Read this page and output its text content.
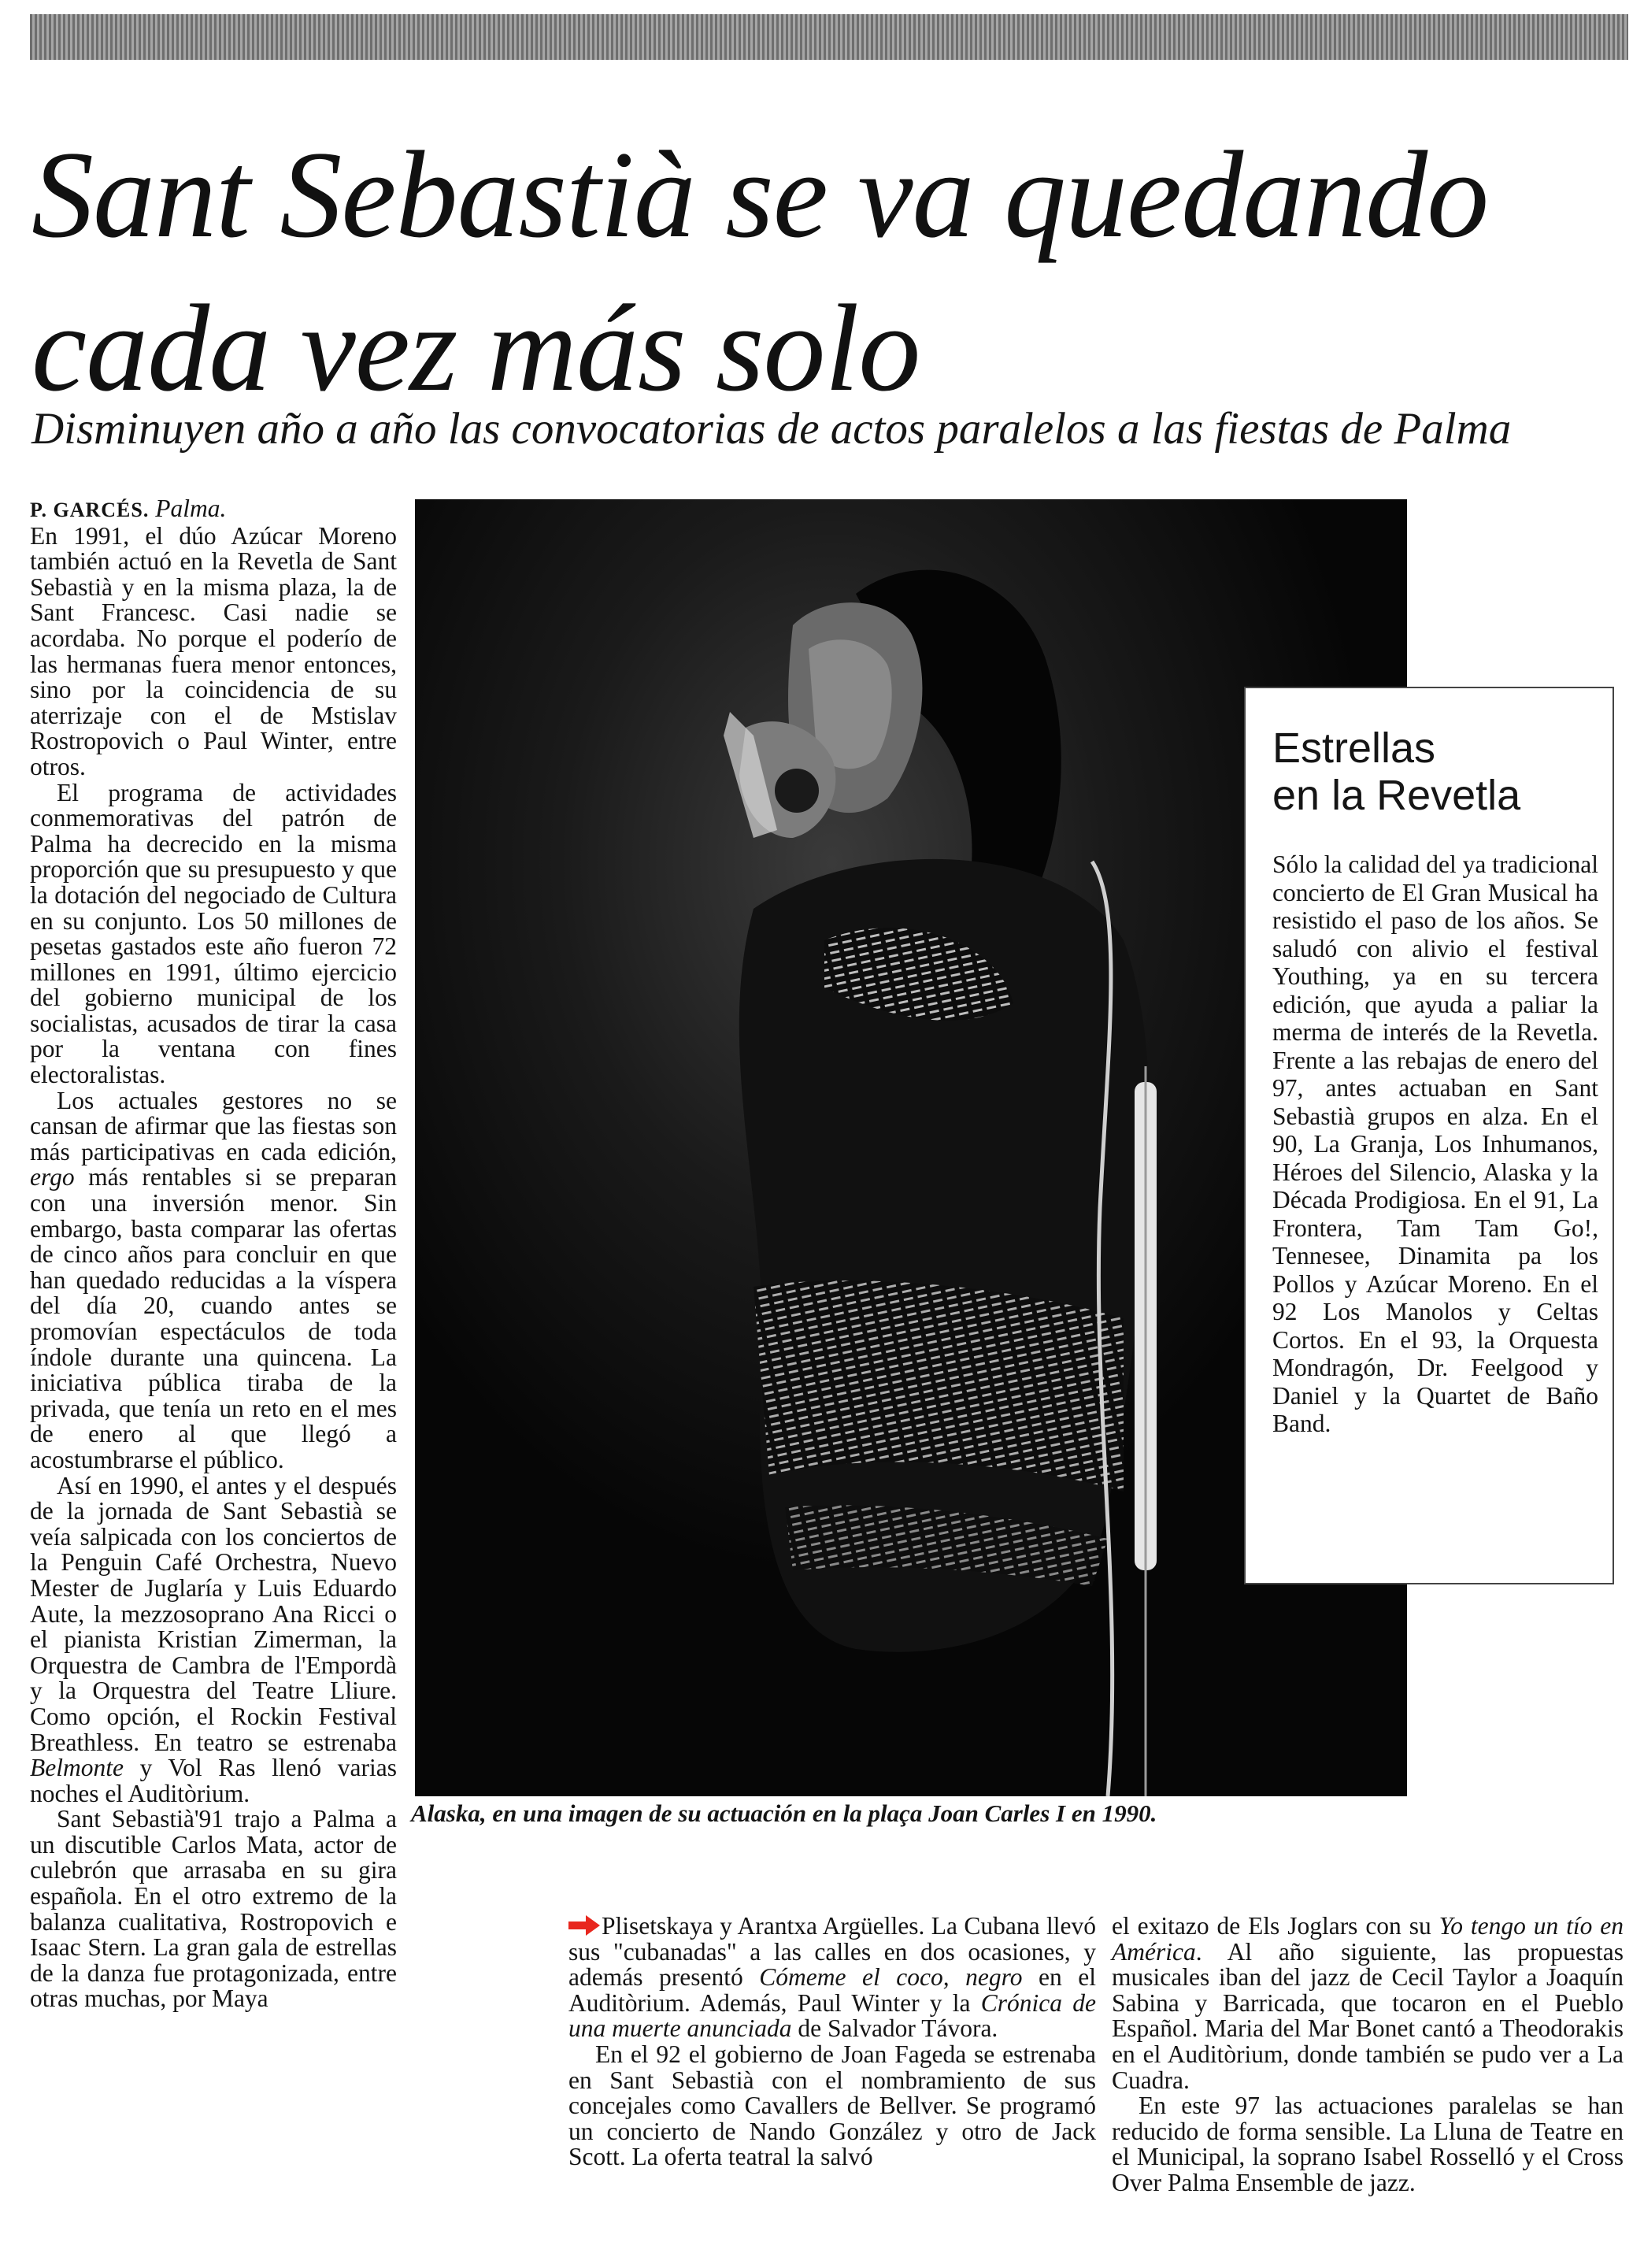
Sant Sebastià se va quedando cada vez más solo
Disminuyen año a año las convocatorias de actos paralelos a las fiestas de Palma
P. GARCÉS. Palma.

En 1991, el dúo Azúcar Moreno también actuó en la Revetla de Sant Sebastià y en la misma plaza, la de Sant Francesc. Casi nadie se acordaba. No porque el poderío de las hermanas fuera menor entonces, sino por la coincidencia de su aterrizaje con el de Mstislav Rostropovich o Paul Winter, entre otros.

El programa de actividades conmemorativas del patrón de Palma ha decrecido en la misma proporción que su presupuesto y que la dotación del negociado de Cultura en su conjunto. Los 50 millones de pesetas gastados este año fueron 72 millones en 1991, último ejercicio del gobierno municipal de los socialistas, acusados de tirar la casa por la ventana con fines electoralistas.

Los actuales gestores no se cansan de afirmar que las fiestas son más participativas en cada edición, ergo más rentables si se preparan con una inversión menor. Sin embargo, basta comparar las ofertas de cinco años para concluir en que han quedado reducidas a la víspera del día 20, cuando antes se promovían espectáculos de toda índole durante una quincena. La iniciativa pública tiraba de la privada, que tenía un reto en el mes de enero al que llegó a acostumbrarse el público.

Así en 1990, el antes y el después de la jornada de Sant Sebastià se veía salpicada con los conciertos de la Penguin Café Orchestra, Nuevo Mester de Juglaría y Luis Eduardo Aute, la mezzosoprano Ana Ricci o el pianista Kristian Zimerman, la Orquestra de Cambra de l'Empordà y la Orquestra del Teatre Lliure. Como opción, el Rockin Festival Breathless. En teatro se estrenaba Belmonte y Vol Ras llenó varias noches el Auditòrium.

Sant Sebastià'91 trajo a Palma a un discutible Carlos Mata, actor de culebrón que arrasaba en su gira española. En el otro extremo de la balanza cualitativa, Rostropovich e Isaac Stern. La gran gala de estrellas de la danza fue protagonizada, entre otras muchas, por Maya

Alaska, en una imagen de su actuación en la plaça Joan Carles I en 1990.
Estrellas
en la Revetla
Sólo la calidad del ya tradicional concierto de El Gran Musical ha resistido el paso de los años. Se saludó con alivio el festival Youthing, ya en su tercera edición, que ayuda a paliar la merma de interés de la Revetla. Frente a las rebajas de enero del 97, antes actuaban en Sant Sebastià grupos en alza. En el 90, La Granja, Los Inhumanos, Héroes del Silencio, Alaska y la Década Prodigiosa. En el 91, La Frontera, Tam Tam Go!, Tennesee, Dinamita pa los Pollos y Azúcar Moreno. En el 92 Los Manolos y Celtas Cortos. En el 93, la Orquesta Mondragón, Dr. Feelgood y Daniel y la Quartet de Baño Band.

Plisetskaya y Arantxa Argüelles. La Cubana llevó sus "cubanadas" a las calles en dos ocasiones, y además presentó Cómeme el coco, negro en el Auditòrium. Además, Paul Winter y la Crónica de una muerte anunciada de Salvador Távora.

En el 92 el gobierno de Joan Fageda se estrenaba en Sant Sebastià con el nombramiento de sus concejales como Cavallers de Bellver. Se programó un concierto de Nando González y otro de Jack Scott. La oferta teatral la salvó

el exitazo de Els Joglars con su Yo tengo un tío en América. Al año siguiente, las propuestas musicales iban del jazz de Cecil Taylor a Joaquín Sabina y Barricada, que tocaron en el Pueblo Español. Maria del Mar Bonet cantó a Theodorakis en el Auditòrium, donde también se pudo ver a La Cuadra.

En este 97 las actuaciones paralelas se han reducido de forma sensible. La Lluna de Teatre en el Municipal, la soprano Isabel Rosselló y el Cross Over Palma Ensemble de jazz.
